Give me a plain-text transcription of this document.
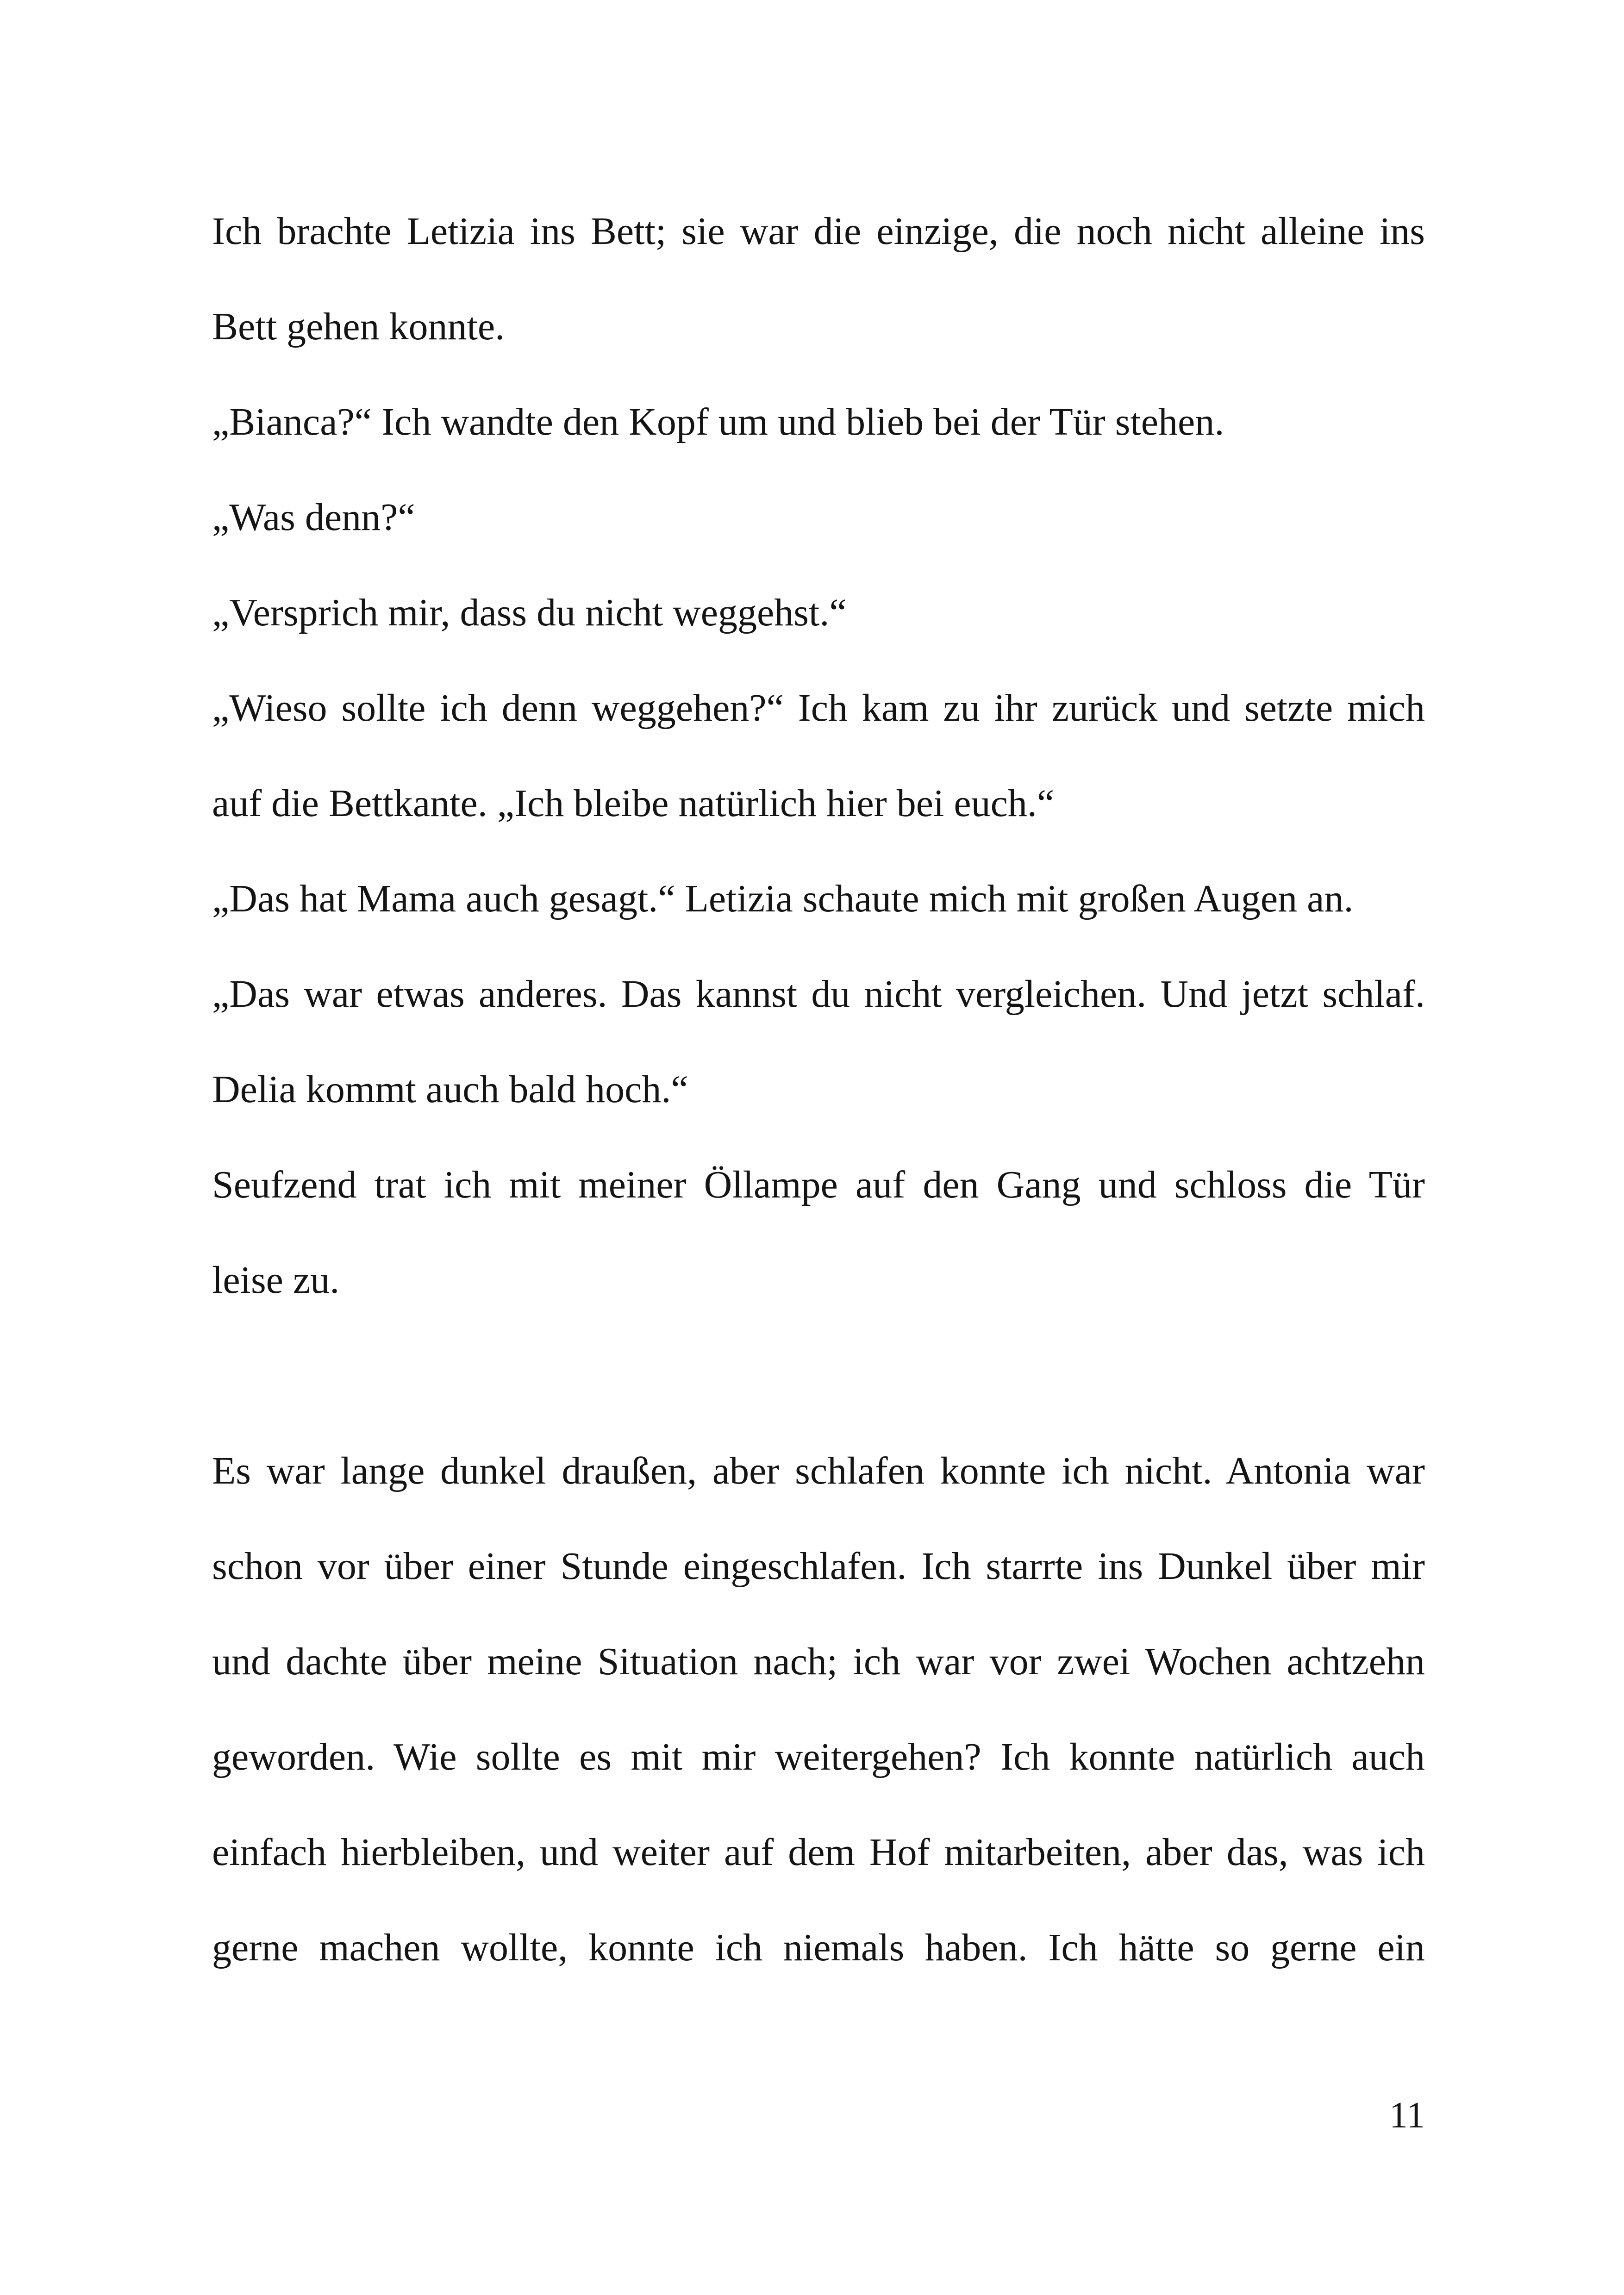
Ich brachte Letizia ins Bett; sie war die einzige, die noch nicht alleine ins
Bett gehen konnte.
„Bianca?“ Ich wandte den Kopf um und blieb bei der Tür stehen.
„Was denn?“
„Versprich mir, dass du nicht weggehst.“
„Wieso sollte ich denn weggehen?“ Ich kam zu ihr zurück und setzte mich
auf die Bettkante. „Ich bleibe natürlich hier bei euch.“
„Das hat Mama auch gesagt.“ Letizia schaute mich mit großen Augen an.
„Das war etwas anderes. Das kannst du nicht vergleichen. Und jetzt schlaf.
Delia kommt auch bald hoch.“
Seufzend trat ich mit meiner Öllampe auf den Gang und schloss die Tür
leise zu.
Es war lange dunkel draußen, aber schlafen konnte ich nicht. Antonia war
schon vor über einer Stunde eingeschlafen. Ich starrte ins Dunkel über mir
und dachte über meine Situation nach; ich war vor zwei Wochen achtzehn
geworden. Wie sollte es mit mir weitergehen? Ich konnte natürlich auch
einfach hierbleiben, und weiter auf dem Hof mitarbeiten, aber das, was ich
gerne machen wollte, konnte ich niemals haben. Ich hätte so gerne ein
11
